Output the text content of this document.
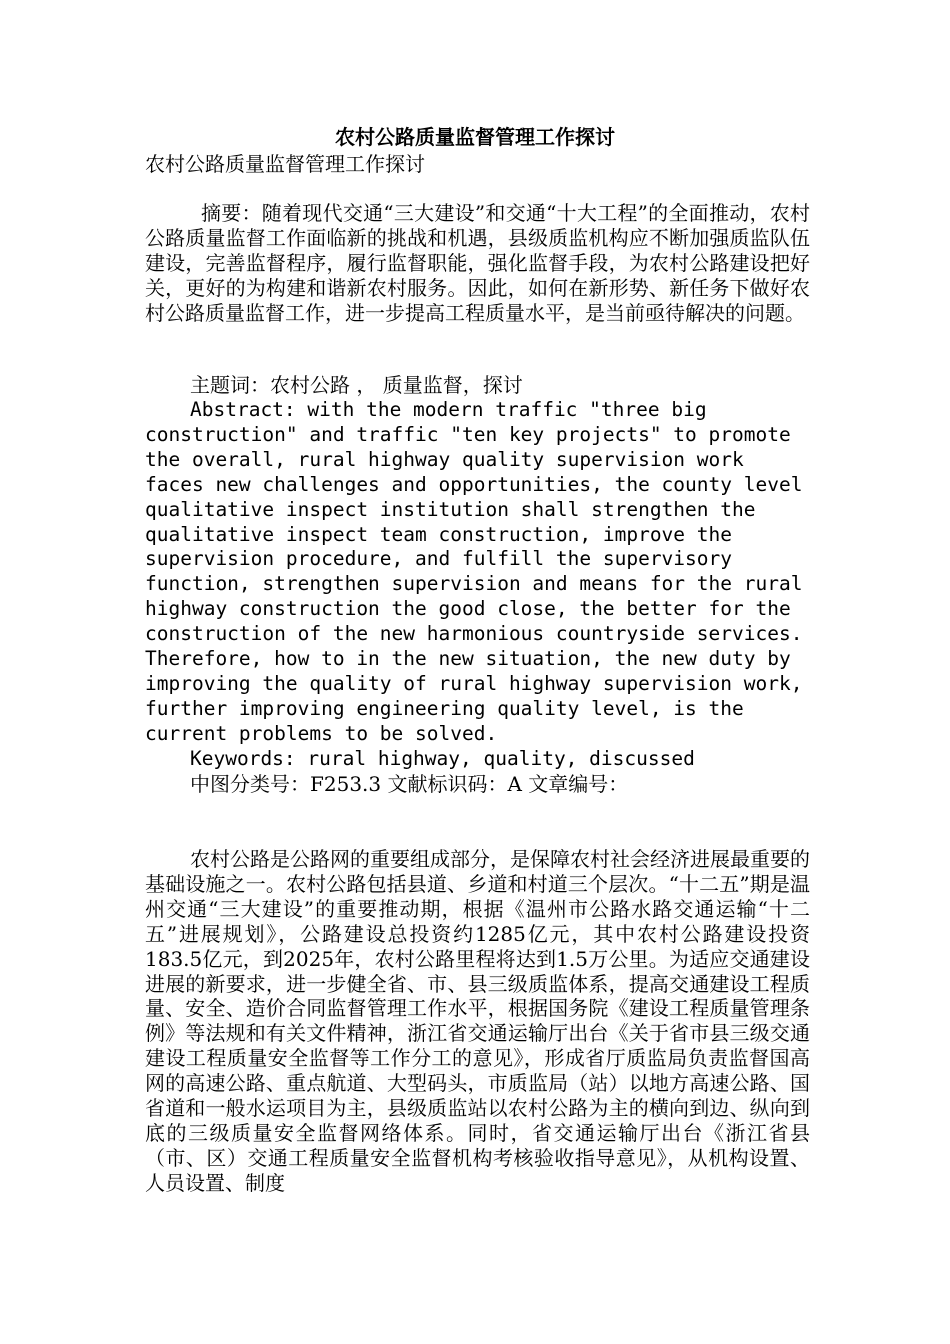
农村公路质量监督管理工作探讨
农村公路质量监督管理工作探讨

摘要：随着现代交通“三大建设”和交通“十大工程”的全面推动，农村公路质量监督工作面临新的挑战和机遇，县级质监机构应不断加强质监队伍建设，完善监督程序，履行监督职能，强化监督手段，为农村公路建设把好关，更好的为构建和谐新农村服务。因此，如何在新形势、新任务下做好农村公路质量监督工作，进一步提高工程质量水平，是当前亟待解决的问题。

主题词：农村公路 ， 质量监督，探讨

Abstract: with the modern traffic "three big construction" and traffic "ten key projects" to promote the overall, rural highway quality supervision work faces new challenges and opportunities, the county level qualitative inspect institution shall strengthen the qualitative inspect team construction, improve the supervision procedure, and fulfill the supervisory function, strengthen supervision and means for the rural highway construction the good close, the better for the construction of the new harmonious countryside services. Therefore, how to in the new situation, the new duty by improving the quality of rural highway supervision work, further improving engineering quality level, is the current problems to be solved.

Keywords: rural highway, quality, discussed

中图分类号：F253.3 文献标识码：A 文章编号：

农村公路是公路网的重要组成部分，是保障农村社会经济进展最重要的基础设施之一。农村公路包括县道、乡道和村道三个层次。“十二五”期是温州交通“三大建设”的重要推动期，根据《温州市公路水路交通运输“十二五”进展规划》，公路建设总投资约1285亿元，其中农村公路建设投资183.5亿元，到2025年，农村公路里程将达到1.5万公里。为适应交通建设进展的新要求，进一步健全省、市、县三级质监体系，提高交通建设工程质量、安全、造价合同监督管理工作水平，根据国务院《建设工程质量管理条例》等法规和有关文件精神，浙江省交通运输厅出台《关于省市县三级交通建设工程质量安全监督等工作分工的意见》，形成省厅质监局负责监督国高网的高速公路、重点航道、大型码头，市质监局（站）以地方高速公路、国省道和一般水运项目为主，县级质监站以农村公路为主的横向到边、纵向到底的三级质量安全监督网络体系。同时，省交通运输厅出台《浙江省县（市、区）交通工程质量安全监督机构考核验收指导意见》，从机构设置、人员设置、制度
